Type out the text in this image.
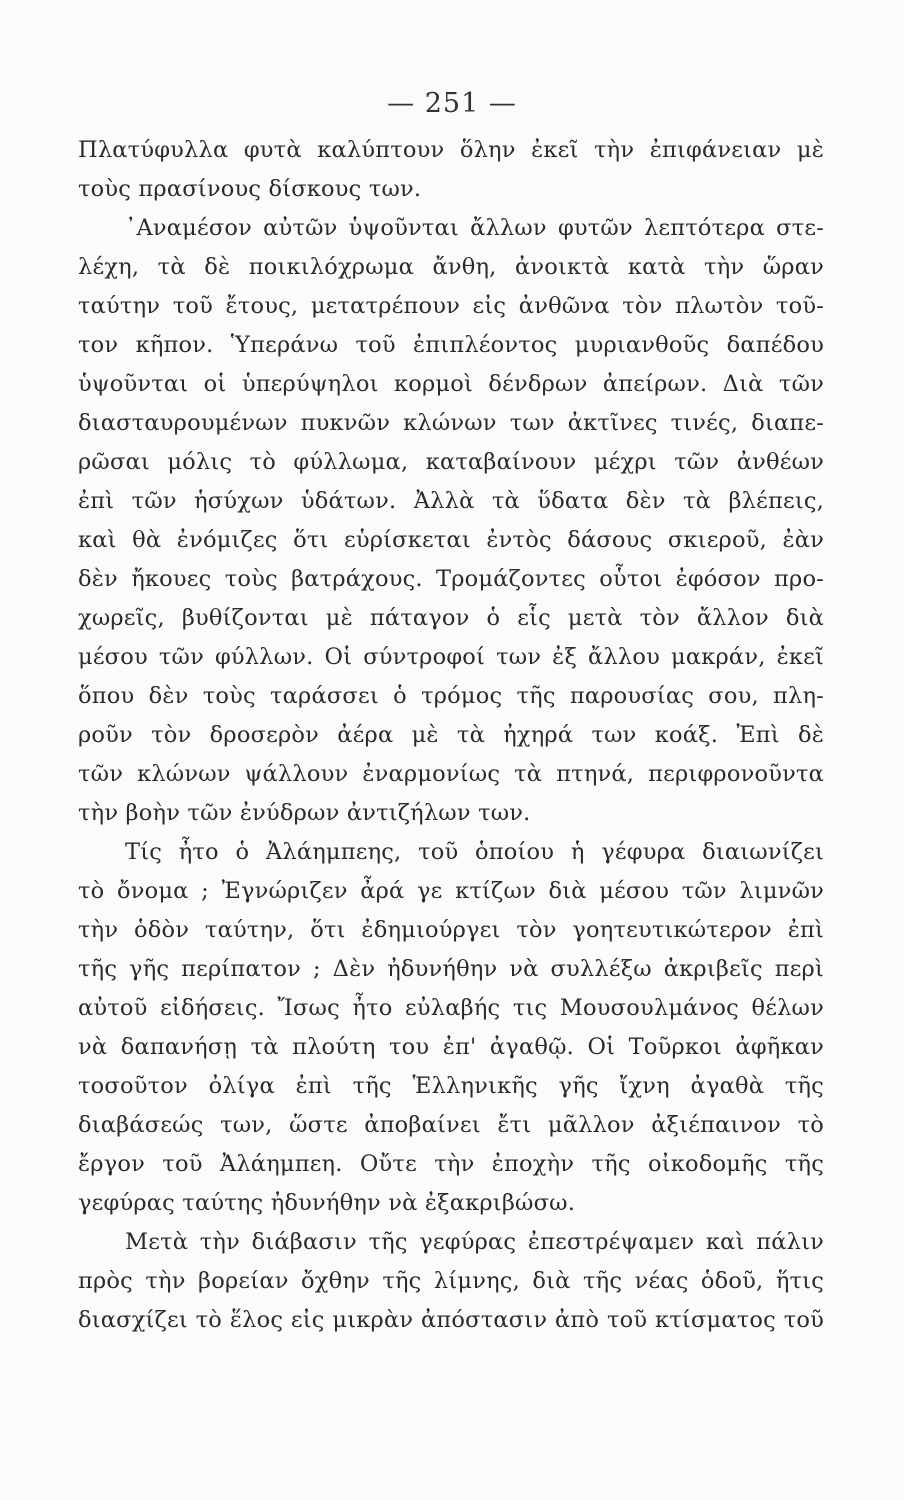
— 251 —
Πλατύφυλλα φυτὰ καλύπτουν ὅλην ἐκεῖ τὴν ἐπιφάνειαν μὲ
τοὺς πρασίνους δίσκους των.
᾿Αναμέσον αὐτῶν ὑψοῦνται ἄλλων φυτῶν λεπτότερα στε-
λέχη, τὰ δὲ ποικιλόχρωμα ἄνθη, ἀνοικτὰ κατὰ τὴν ὥραν
ταύτην τοῦ ἔτους, μετατρέπουν εἰς ἀνθῶνα τὸν πλωτὸν τοῦ-
τον κῆπον. Ὑπεράνω τοῦ ἐπιπλέοντος μυριανθοῦς δαπέδου
ὑψοῦνται οἱ ὑπερύψηλοι κορμοὶ δένδρων ἀπείρων. Διὰ τῶν
διασταυρουμένων πυκνῶν κλώνων των ἀκτῖνες τινές, διαπε-
ρῶσαι μόλις τὸ φύλλωμα, καταβαίνουν μέχρι τῶν ἀνθέων
ἐπὶ τῶν ἡσύχων ὑδάτων. Ἀλλὰ τὰ ὕδατα δὲν τὰ βλέπεις,
καὶ θὰ ἐνόμιζες ὅτι εὑρίσκεται ἐντὸς δάσους σκιεροῦ, ἐὰν
δὲν ἤκουες τοὺς βατράχους. Τρομάζοντες οὗτοι ἐφόσον προ-
χωρεῖς, βυθίζονται μὲ πάταγον ὁ εἷς μετὰ τὸν ἄλλον διὰ
μέσου τῶν φύλλων. Οἱ σύντροφοί των ἐξ ἄλλου μακράν, ἐκεῖ
ὅπου δὲν τοὺς ταράσσει ὁ τρόμος τῆς παρουσίας σου, πλη-
ροῦν τὸν δροσερὸν ἀέρα μὲ τὰ ἠχηρά των κοάξ. Ἐπὶ δὲ
τῶν κλώνων ψάλλουν ἐναρμονίως τὰ πτηνά, περιφρονοῦντα
τὴν βοὴν τῶν ἐνύδρων ἀντιζήλων των.
Τίς ἦτο ὁ Ἀλάημπεης, τοῦ ὁποίου ἡ γέφυρα διαιωνίζει
τὸ ὄνομα ; Ἐγνώριζεν ἆρά γε κτίζων διὰ μέσου τῶν λιμνῶν
τὴν ὁδὸν ταύτην, ὅτι ἐδημιούργει τὸν γοητευτικώτερον ἐπὶ
τῆς γῆς περίπατον ; Δὲν ἠδυνήθην νὰ συλλέξω ἀκριβεῖς περὶ
αὐτοῦ εἰδήσεις. Ἴσως ἦτο εὐλαβής τις Μουσουλμάνος θέλων
νὰ δαπανήσῃ τὰ πλούτη του ἐπ' ἀγαθῷ. Οἱ Τοῦρκοι ἀφῆκαν
τοσοῦτον ὀλίγα ἐπὶ τῆς Ἑλληνικῆς γῆς ἴχνη ἀγαθὰ τῆς
διαβάσεώς των, ὥστε ἀποβαίνει ἔτι μᾶλλον ἀξιέπαινον τὸ
ἔργον τοῦ Ἀλάημπεη. Οὔτε τὴν ἐποχὴν τῆς οἰκοδομῆς τῆς
γεφύρας ταύτης ἠδυνήθην νὰ ἐξακριβώσω.
Μετὰ τὴν διάβασιν τῆς γεφύρας ἐπεστρέψαμεν καὶ πάλιν
πρὸς τὴν βορείαν ὄχθην τῆς λίμνης, διὰ τῆς νέας ὁδοῦ, ἥτις
διασχίζει τὸ ἕλος εἰς μικρὰν ἀπόστασιν ἀπὸ τοῦ κτίσματος τοῦ
